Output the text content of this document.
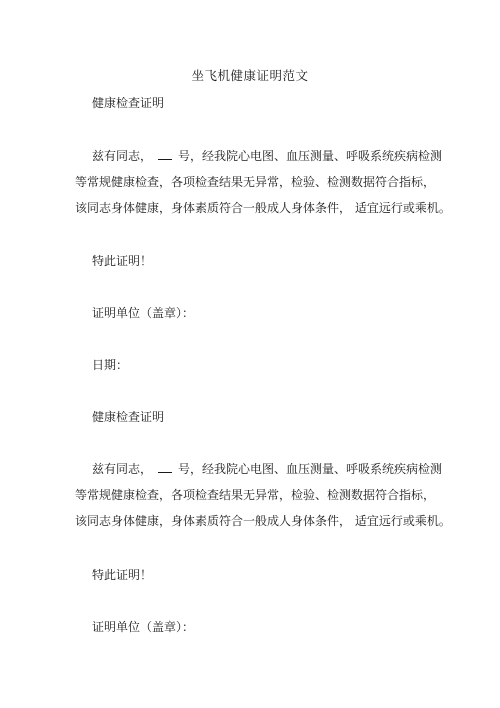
坐飞机健康证明范文
健康检查证明
兹有同志， 号，经我院心电图、血压测量、呼吸系统疾病检测
等常规健康检查，各项检查结果无异常，检验、检测数据符合指标，
该同志身体健康，身体素质符合一般成人身体条件， 适宜远行或乘机。
特此证明！
证明单位（盖章）：
日期：
健康检查证明
兹有同志， 号，经我院心电图、血压测量、呼吸系统疾病检测
等常规健康检查，各项检查结果无异常，检验、检测数据符合指标，
该同志身体健康，身体素质符合一般成人身体条件， 适宜远行或乘机。
特此证明！
证明单位（盖章）：
